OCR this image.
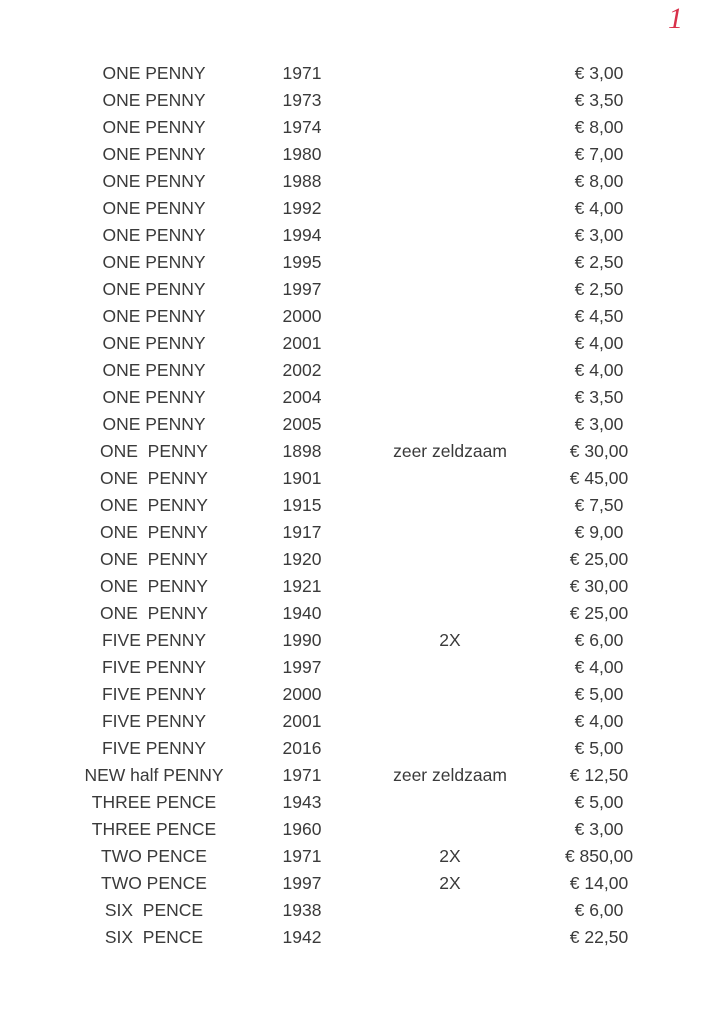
1
ONE PENNY	1971	€ 3,00
ONE PENNY	1973	€ 3,50
ONE PENNY	1974	€ 8,00
ONE PENNY	1980	€ 7,00
ONE PENNY	1988	€ 8,00
ONE PENNY	1992	€ 4,00
ONE PENNY	1994	€ 3,00
ONE PENNY	1995	€ 2,50
ONE PENNY	1997	€ 2,50
ONE PENNY	2000	€ 4,50
ONE PENNY	2001	€ 4,00
ONE PENNY	2002	€ 4,00
ONE PENNY	2004	€ 3,50
ONE PENNY	2005	€ 3,00
ONE  PENNY	1898	zeer zeldzaam	€ 30,00
ONE  PENNY	1901	€ 45,00
ONE  PENNY	1915	€ 7,50
ONE  PENNY	1917	€ 9,00
ONE  PENNY	1920	€ 25,00
ONE  PENNY	1921	€ 30,00
ONE  PENNY	1940	€ 25,00
FIVE PENNY	1990	2X	€ 6,00
FIVE PENNY	1997	€ 4,00
FIVE PENNY	2000	€ 5,00
FIVE PENNY	2001	€ 4,00
FIVE PENNY	2016	€ 5,00
NEW half PENNY	1971	zeer zeldzaam	€ 12,50
THREE PENCE	1943	€ 5,00
THREE PENCE	1960	€ 3,00
TWO PENCE	1971	2X	€ 850,00
TWO PENCE	1997	2X	€ 14,00
SIX  PENCE	1938	€ 6,00
SIX  PENCE	1942	€ 22,50
